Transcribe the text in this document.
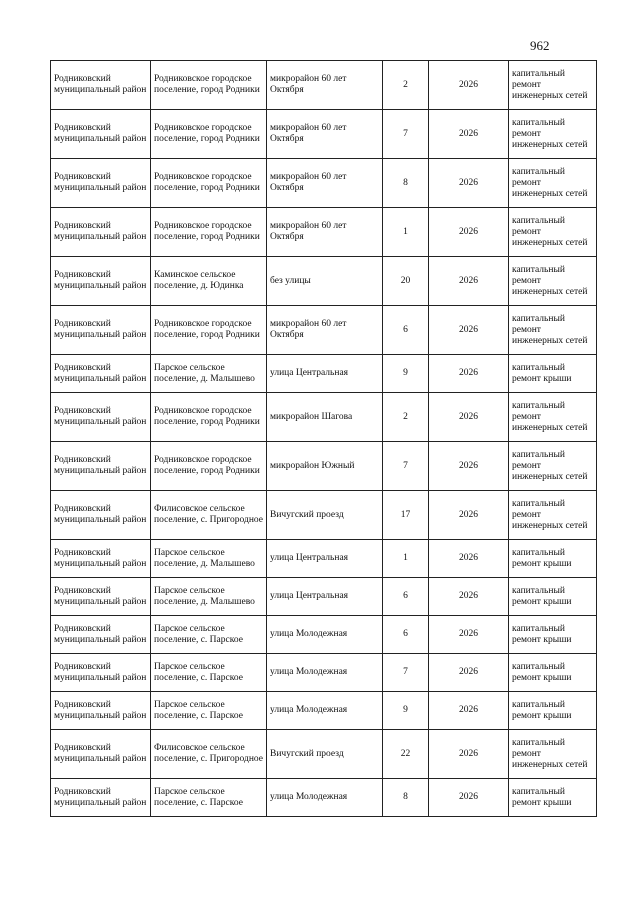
962
Родниковский муниципальный район	Родниковское городское поселение, город Родники	микрорайон 60 лет Октября	2	2026	капитальный ремонт инженерных сетей
Родниковский муниципальный район	Родниковское городское поселение, город Родники	микрорайон 60 лет Октября	7	2026	капитальный ремонт инженерных сетей
Родниковский муниципальный район	Родниковское городское поселение, город Родники	микрорайон 60 лет Октября	8	2026	капитальный ремонт инженерных сетей
Родниковский муниципальный район	Родниковское городское поселение, город Родники	микрорайон 60 лет Октября	1	2026	капитальный ремонт инженерных сетей
Родниковский муниципальный район	Каминское сельское поселение, д. Юдинка	без улицы	20	2026	капитальный ремонт инженерных сетей
Родниковский муниципальный район	Родниковское городское поселение, город Родники	микрорайон 60 лет Октября	6	2026	капитальный ремонт инженерных сетей
Родниковский муниципальный район	Парское сельское поселение, д. Малышево	улица Центральная	9	2026	капитальный ремонт крыши
Родниковский муниципальный район	Родниковское городское поселение, город Родники	микрорайон Шагова	2	2026	капитальный ремонт инженерных сетей
Родниковский муниципальный район	Родниковское городское поселение, город Родники	микрорайон Южный	7	2026	капитальный ремонт инженерных сетей
Родниковский муниципальный район	Филисовское сельское поселение, с. Пригородное	Вичугский проезд	17	2026	капитальный ремонт инженерных сетей
Родниковский муниципальный район	Парское сельское поселение, д. Малышево	улица Центральная	1	2026	капитальный ремонт крыши
Родниковский муниципальный район	Парское сельское поселение, д. Малышево	улица Центральная	6	2026	капитальный ремонт крыши
Родниковский муниципальный район	Парское сельское поселение, с. Парское	улица Молодежная	6	2026	капитальный ремонт крыши
Родниковский муниципальный район	Парское сельское поселение, с. Парское	улица Молодежная	7	2026	капитальный ремонт крыши
Родниковский муниципальный район	Парское сельское поселение, с. Парское	улица Молодежная	9	2026	капитальный ремонт крыши
Родниковский муниципальный район	Филисовское сельское поселение, с. Пригородное	Вичугский проезд	22	2026	капитальный ремонт инженерных сетей
Родниковский муниципальный район	Парское сельское поселение, с. Парское	улица Молодежная	8	2026	капитальный ремонт крыши
